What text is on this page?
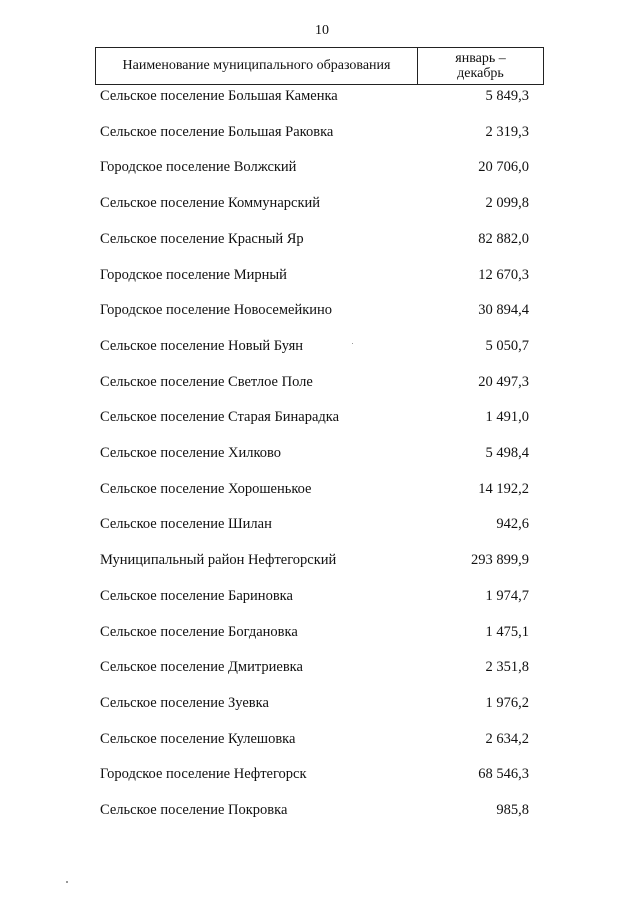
10
Наименование муниципального образования	январь –
декабрь
Сельское поселение Большая Каменка	5 849,3
Сельское поселение Большая Раковка	2 319,3
Городское поселение Волжский	20 706,0
Сельское поселение Коммунарский	2 099,8
Сельское поселение Красный Яр	82 882,0
Городское поселение Мирный	12 670,3
Городское поселение Новосемейкино	30 894,4
Сельское поселение Новый Буян	5 050,7
Сельское поселение Светлое Поле	20 497,3
Сельское поселение Старая Бинарадка	1 491,0
Сельское поселение Хилково	5 498,4
Сельское поселение Хорошенькое	14 192,2
Сельское поселение Шилан	942,6
Муниципальный район Нефтегорский	293 899,9
Сельское поселение Бариновка	1 974,7
Сельское поселение Богдановка	1 475,1
Сельское поселение Дмитриевка	2 351,8
Сельское поселение Зуевка	1 976,2
Сельское поселение Кулешовка	2 634,2
Городское поселение Нефтегорск	68 546,3
Сельское поселение Покровка	985,8
